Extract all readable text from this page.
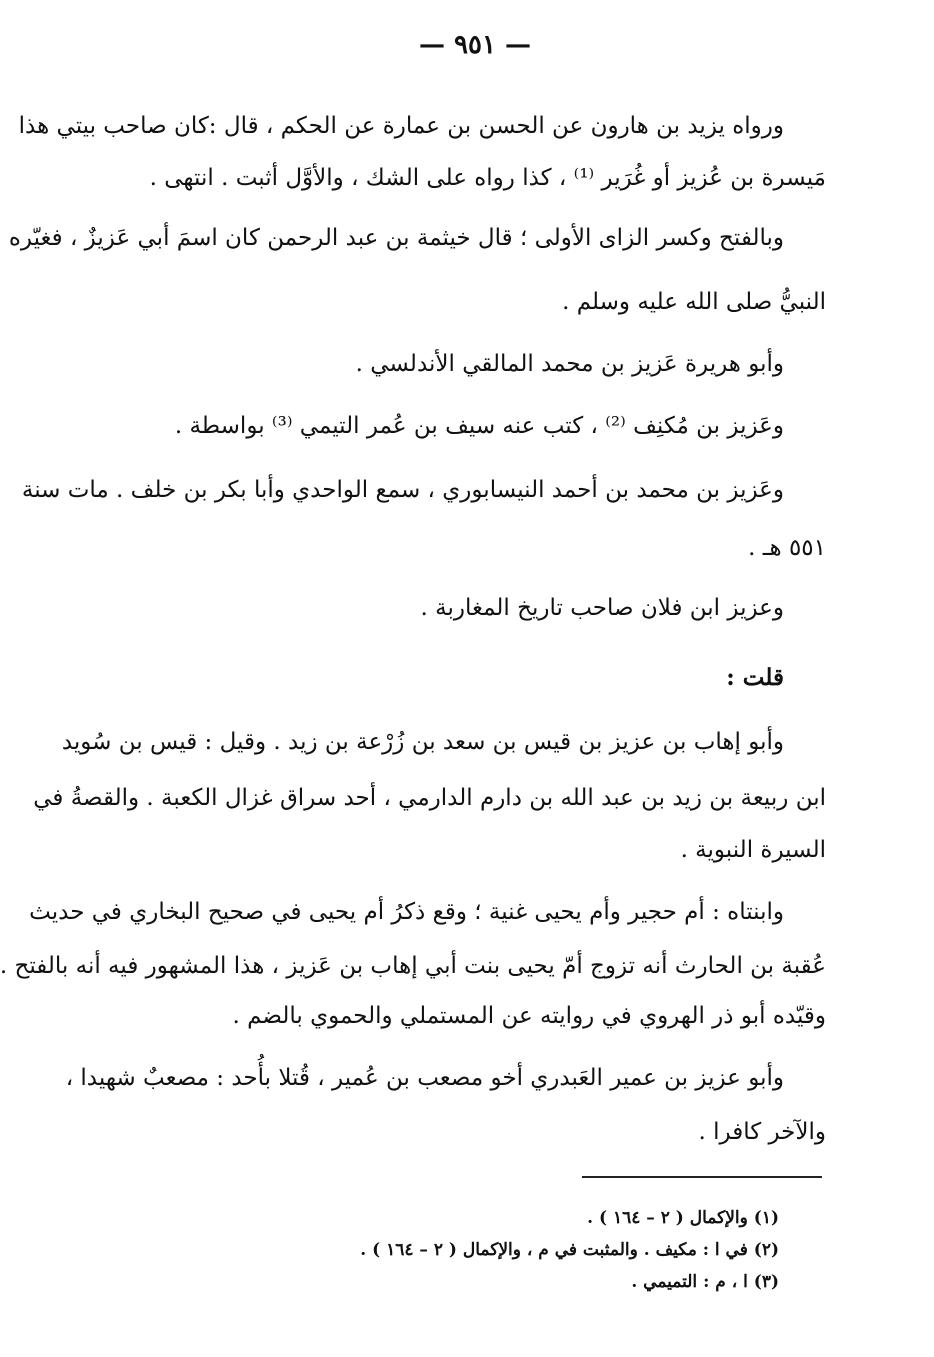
— ٩٥١ —
ورواه يزيد بن هارون عن الحسن بن عمارة عن الحكم ، قال :كان صاحب بيتي هذا
مَيسرة بن عُزيز أو غُرَير ⁽¹⁾ ، كذا رواه على الشك ، والأوَّل أثبت . انتهى .
وبالفتح وكسر الزاى الأولى ؛ قال خيثمة بن عبد الرحمن كان اسمَ أبي عَزيزٌ ، فغيّره
النبيُّ صلى الله عليه وسلم .
وأبو هريرة عَزيز بن محمد المالقي الأندلسي .
وعَزيز بن مُكنِف ⁽²⁾ ، كتب عنه سيف بن عُمر التيمي ⁽³⁾ بواسطة .
وعَزيز بن محمد بن أحمد النيسابوري ، سمع الواحدي وأبا بكر بن خلف . مات سنة
٥٥١ هـ .
وعزيز ابن فلان صاحب تاريخ المغاربة .
قلت :
وأبو إهاب بن عزيز بن قيس بن سعد بن زُرْعة بن زيد . وقيل : قيس بن سُويد
ابن ربيعة بن زيد بن عبد الله بن دارم الدارمي ، أحد سراق غزال الكعبة . والقصةُ في
السيرة النبوية .
وابنتاه : أم حجير وأم يحيى غنية ؛ وقع ذكرُ أم يحيى في صحيح البخاري في حديث
عُقبة بن الحارث أنه تزوج أمّ يحيى بنت أبي إهاب بن عَزيز ، هذا المشهور فيه أنه بالفتح .
وقيّده أبو ذر الهروي في روايته عن المستملي والحموي بالضم .
وأبو عزيز بن عمير العَبدري أخو مصعب بن عُمير ، قُتلا بأُحد : مصعبٌ شهيدا ،
والآخر كافرا .
(١) والإكمال ( ٢ – ١٦٤ ) .
(٢) في ا : مكيف . والمثبت في م ، والإكمال ( ٢ – ١٦٤ ) .
(٣) ا ، م : التميمي .
